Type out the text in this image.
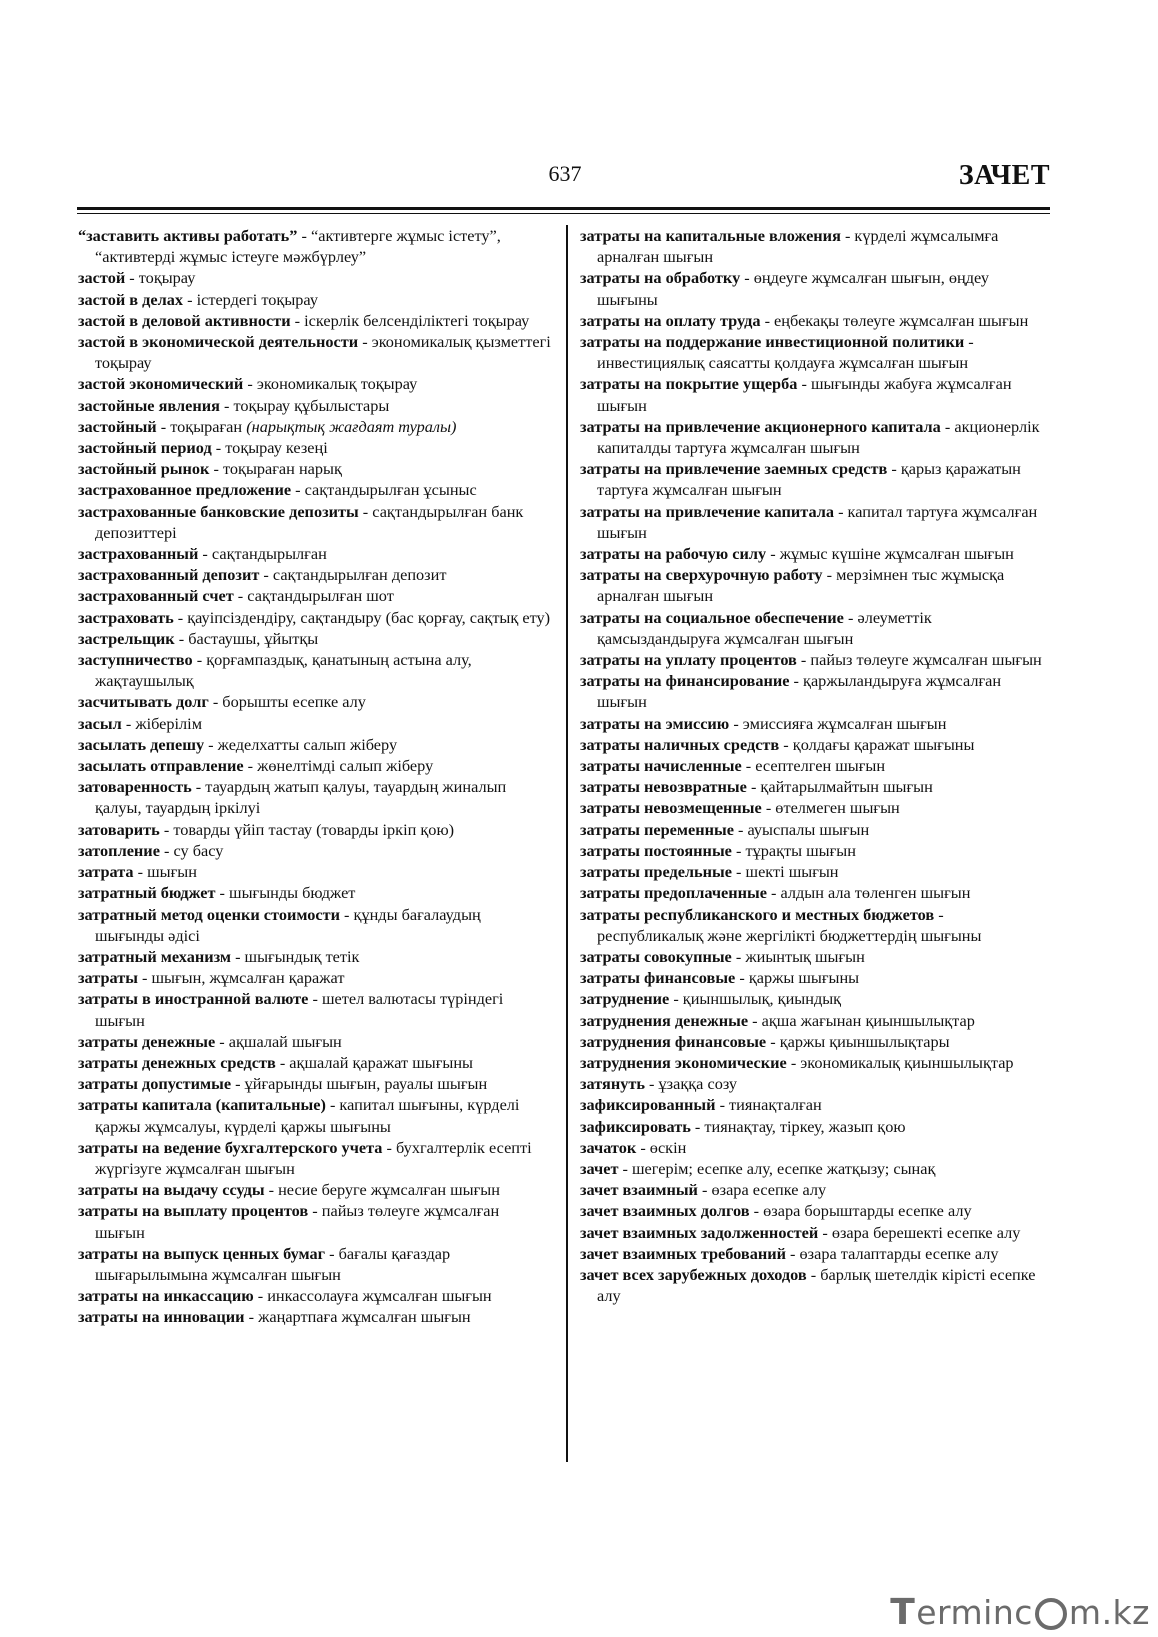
637	ЗАЧЕТ

“заставить активы работать” - “активтерге жұмыс істету”, “активтерді жұмыс істеуге мәжбүрлеу”

застой - тоқырау

застой в делах - істердегі тоқырау

застой в деловой активности - іскерлік белсенділіктегі тоқырау

застой в экономической деятельности - экономикалық қызметтегі тоқырау

застой экономический - экономикалық тоқырау

застойные явления - тоқырау құбылыстары

застойный - тоқыраған (нарықтық жағдаят туралы)

застойный период - тоқырау кезеңі

застойный рынок - тоқыраған нарық

застрахованное предложение - сақтандырылған ұсыныс

застрахованные банковские депозиты - сақтандырылған банк депозиттері

застрахованный - сақтандырылған

застрахованный депозит - сақтандырылған депозит

застрахованный счет - сақтандырылған шот

застраховать - қауіпсіздендіру, сақтандыру (бас қорғау, сақтық ету)

застрельщик - бастаушы, ұйытқы

заступничество - қорғампаздық, қанатының астына алу, жақтаушылық

засчитывать долг - борышты есепке алу

засыл - жіберілім

засылать депешу - жеделхатты салып жіберу

засылать отправление - жөнелтімді салып жіберу

затоваренность - тауардың жатып қалуы, тауардың жиналып қалуы, тауардың іркілуі

затоварить - товарды үйіп тастау (товарды іркіп қою)

затопление - су басу

затрата - шығын

затратный бюджет - шығынды бюджет

затратный метод оценки стоимости - құнды бағалаудың шығынды әдісі

затратный механизм - шығындық тетік

затраты - шығын, жұмсалған қаражат

затраты в иностранной валюте - шетел валютасы түріндегі шығын

затраты денежные - ақшалай шығын

затраты денежных средств - ақшалай қаражат шығыны

затраты допустимые - ұйғарынды шығын, рауалы шығын

затраты капитала (капитальные) - капитал шығыны, күрделі қаржы жұмсалуы, күрделі қаржы шығыны

затраты на ведение бухгалтерского учета - бухгалтерлік есепті жүргізуге жұмсалған шығын

затраты на выдачу ссуды - несие беруге жұмсалған шығын

затраты на выплату процентов - пайыз төлеуге жұмсалған шығын

затраты на выпуск ценных бумаг - бағалы қағаздар шығарылымына жұмсалған шығын

затраты на инкассацию - инкассолауға жұмсалған шығын

затраты на инновации - жаңартпаға жұмсалған шығын

затраты на капитальные вложения - күрделі жұмсалымға арналған шығын

затраты на обработку - өңдеуге жұмсалған шығын, өңдеу шығыны

затраты на оплату труда - еңбекақы төлеуге жұмсалған шығын

затраты на поддержание инвестиционной политики - инвестициялық саясатты қолдауға жұмсалған шығын

затраты на покрытие ущерба - шығынды жабуға жұмсалған шығын

затраты на привлечение акционерного капитала - акционерлік капиталды тартуға жұмсалған шығын

затраты на привлечение заемных средств - қарыз қаражатын тартуға жұмсалған шығын

затраты на привлечение капитала - капитал тартуға жұмсалған шығын

затраты на рабочую силу - жұмыс күшіне жұмсалған шығын

затраты на сверхурочную работу - мерзімнен тыс жұмысқа арналған шығын

затраты на социальное обеспечение - әлеуметтік қамсыздандыруға жұмсалған шығын

затраты на уплату процентов - пайыз төлеуге жұмсалған шығын

затраты на финансирование - қаржыландыруға жұмсалған шығын

затраты на эмиссию - эмиссияға жұмсалған шығын

затраты наличных средств - қолдағы қаражат шығыны

затраты начисленные - есептелген шығын

затраты невозвратные - қайтарылмайтын шығын

затраты невозмещенные - өтелмеген шығын

затраты переменные - ауыспалы шығын

затраты постоянные - тұрақты шығын

затраты предельные - шекті шығын

затраты предоплаченные - алдын ала төленген шығын

затраты республиканского и местных бюджетов - республикалық және жергілікті бюджеттердің шығыны

затраты совокупные - жиынтық шығын

затраты финансовые - қаржы шығыны

затруднение - қиыншылық, қиындық

затруднения денежные - ақша жағынан қиыншылықтар

затруднения финансовые - қаржы қиыншылықтары

затруднения экономические - экономикалық қиыншылықтар

затянуть - ұзаққа созу

зафиксированный - тиянақталған

зафиксировать - тиянақтау, тіркеу, жазып қою

зачаток - өскін

зачет - шегерім; есепке алу, есепке жатқызу; сынақ

зачет взаимный - өзара есепке алу

зачет взаимных долгов - өзара борыштарды есепке алу

зачет взаимных задолженностей - өзара берешекті есепке алу

зачет взаимных требований - өзара талаптарды есепке алу

зачет всех зарубежных доходов - барлық шетелдік кірісті есепке алу

T erminc m.kz
